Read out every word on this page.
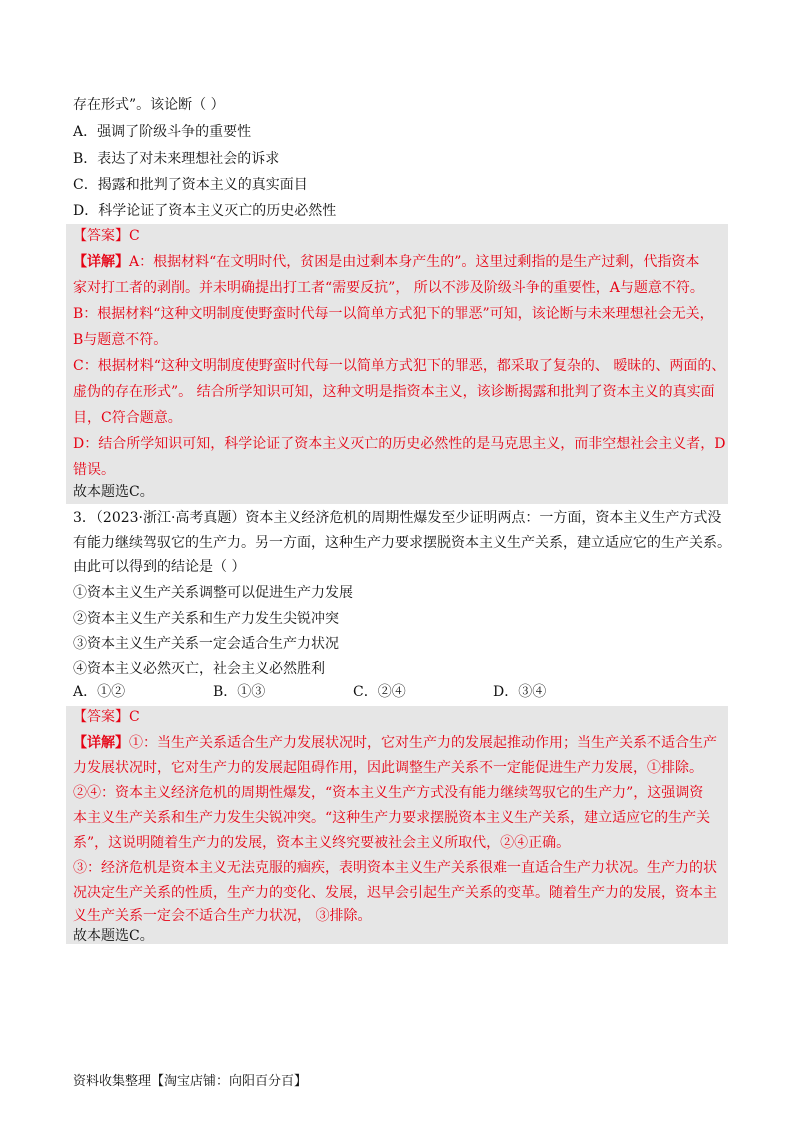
存在形式”。该论断（ ）
A．强调了阶级斗争的重要性
B．表达了对未来理想社会的诉求
C．揭露和批判了资本主义的真实面目
D．科学论证了资本主义灭亡的历史必然性
【答案】C
【详解】A：根据材料“在文明时代，贫困是由过剩本身产生的”。这里过剩指的是生产过剩，代指资本
家对打工者的剥削。并未明确提出打工者“需要反抗”， 所以不涉及阶级斗争的重要性，A与题意不符。
B：根据材料“这种文明制度使野蛮时代每一以简单方式犯下的罪恶”可知，该论断与未来理想社会无关，
B与题意不符。
C：根据材料“这种文明制度使野蛮时代每一以简单方式犯下的罪恶，都采取了复杂的、 暧昧的、两面的、
虚伪的存在形式”。 结合所学知识可知，这种文明是指资本主义，该诊断揭露和批判了资本主义的真实面
目，C符合题意。
D：结合所学知识可知，科学论证了资本主义灭亡的历史必然性的是马克思主义，而非空想社会主义者，D
错误。
故本题选C。
3．（2023·浙江·高考真题）资本主义经济危机的周期性爆发至少证明两点：一方面，资本主义生产方式没
有能力继续驾驭它的生产力。另一方面，这种生产力要求摆脱资本主义生产关系，建立适应它的生产关系。
由此可以得到的结论是（ ）
①资本主义生产关系调整可以促进生产力发展
②资本主义生产关系和生产力发生尖锐冲突
③资本主义生产关系一定会适合生产力状况
④资本主义必然灭亡，社会主义必然胜利
A．①②	B．①③	C．②④	D．③④
【答案】C
【详解】①：当生产关系适合生产力发展状况时，它对生产力的发展起推动作用；当生产关系不适合生产
力发展状况时，它对生产力的发展起阻碍作用，因此调整生产关系不一定能促进生产力发展，①排除。
②④：资本主义经济危机的周期性爆发，“资本主义生产方式没有能力继续驾驭它的生产力”，这强调资
本主义生产关系和生产力发生尖锐冲突。“这种生产力要求摆脱资本主义生产关系，建立适应它的生产关
系”，这说明随着生产力的发展，资本主义终究要被社会主义所取代，②④正确。
③：经济危机是资本主义无法克服的痼疾，表明资本主义生产关系很难一直适合生产力状况。生产力的状
况决定生产关系的性质，生产力的变化、发展，迟早会引起生产关系的变革。随着生产力的发展，资本主
义生产关系一定会不适合生产力状况， ③排除。
故本题选C。
资料收集整理【淘宝店铺：向阳百分百】
